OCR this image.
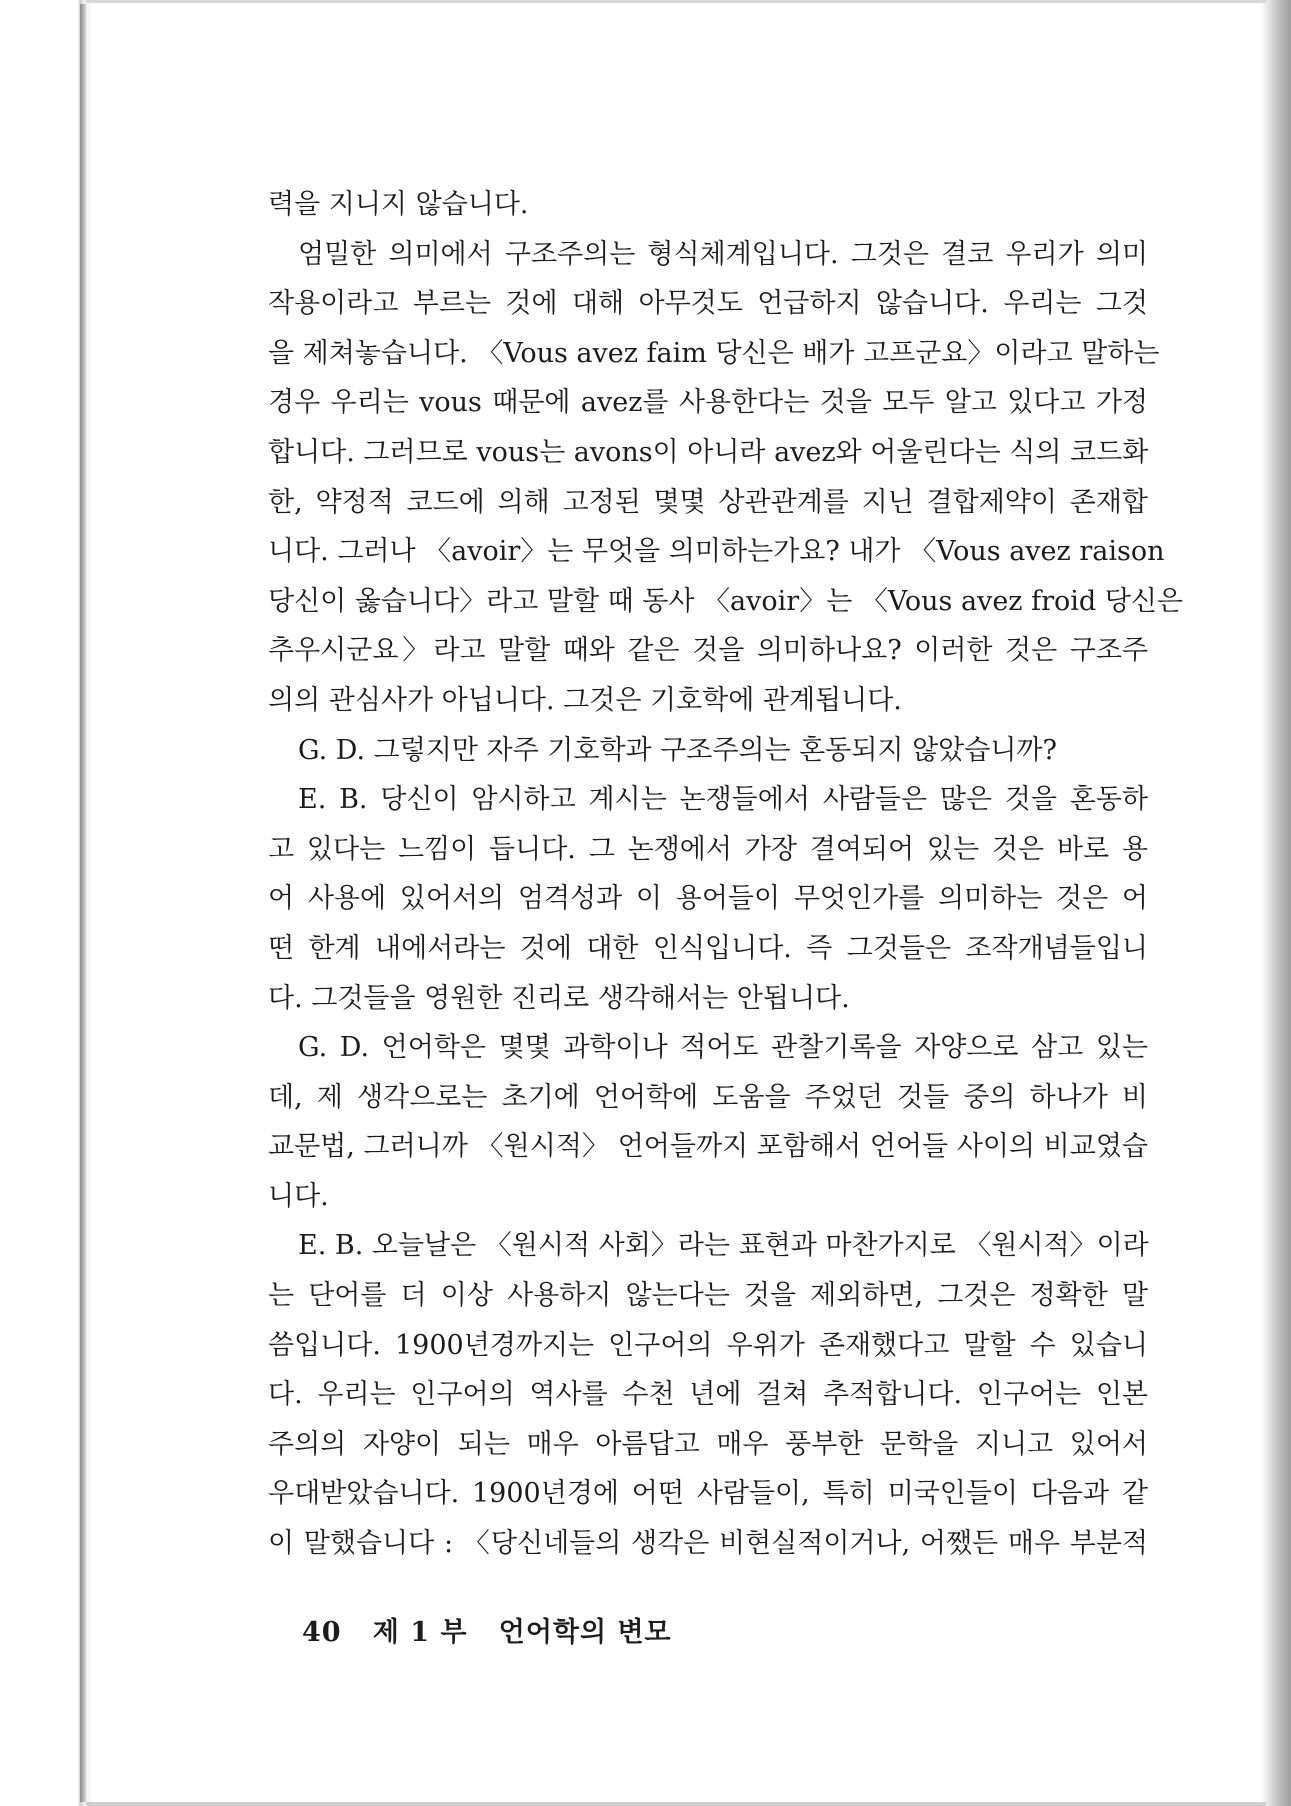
력을 지니지 않습니다.
엄밀한 의미에서 구조주의는 형식체계입니다. 그것은 결코 우리가 의미
작용이라고 부르는 것에 대해 아무것도 언급하지 않습니다. 우리는 그것
을 제쳐놓습니다. 〈Vous avez faim 당신은 배가 고프군요〉이라고 말하는
경우 우리는 vous 때문에 avez를 사용한다는 것을 모두 알고 있다고 가정
합니다. 그러므로 vous는 avons이 아니라 avez와 어울린다는 식의 코드화
한, 약정적 코드에 의해 고정된 몇몇 상관관계를 지닌 결합제약이 존재합
니다. 그러나 〈avoir〉는 무엇을 의미하는가요? 내가 〈Vous avez raison
당신이 옳습니다〉라고 말할 때 동사 〈avoir〉는 〈Vous avez froid 당신은
추우시군요〉라고 말할 때와 같은 것을 의미하나요? 이러한 것은 구조주
의의 관심사가 아닙니다. 그것은 기호학에 관계됩니다.
G. D. 그렇지만 자주 기호학과 구조주의는 혼동되지 않았습니까?
E. B. 당신이 암시하고 계시는 논쟁들에서 사람들은 많은 것을 혼동하
고 있다는 느낌이 듭니다. 그 논쟁에서 가장 결여되어 있는 것은 바로 용
어 사용에 있어서의 엄격성과 이 용어들이 무엇인가를 의미하는 것은 어
떤 한계 내에서라는 것에 대한 인식입니다. 즉 그것들은 조작개념들입니
다. 그것들을 영원한 진리로 생각해서는 안됩니다.
G. D. 언어학은 몇몇 과학이나 적어도 관찰기록을 자양으로 삼고 있는
데, 제 생각으로는 초기에 언어학에 도움을 주었던 것들 중의 하나가 비
교문법, 그러니까 〈원시적〉 언어들까지 포함해서 언어들 사이의 비교였습
니다.
E. B. 오늘날은 〈원시적 사회〉라는 표현과 마찬가지로 〈원시적〉이라
는 단어를 더 이상 사용하지 않는다는 것을 제외하면, 그것은 정확한 말
씀입니다. 1900년경까지는 인구어의 우위가 존재했다고 말할 수 있습니
다. 우리는 인구어의 역사를 수천 년에 걸쳐 추적합니다. 인구어는 인본
주의의 자양이 되는 매우 아름답고 매우 풍부한 문학을 지니고 있어서
우대받았습니다. 1900년경에 어떤 사람들이, 특히 미국인들이 다음과 같
이 말했습니다 : 〈당신네들의 생각은 비현실적이거나, 어쨌든 매우 부분적
40 제 1 부 언어학의 변모
